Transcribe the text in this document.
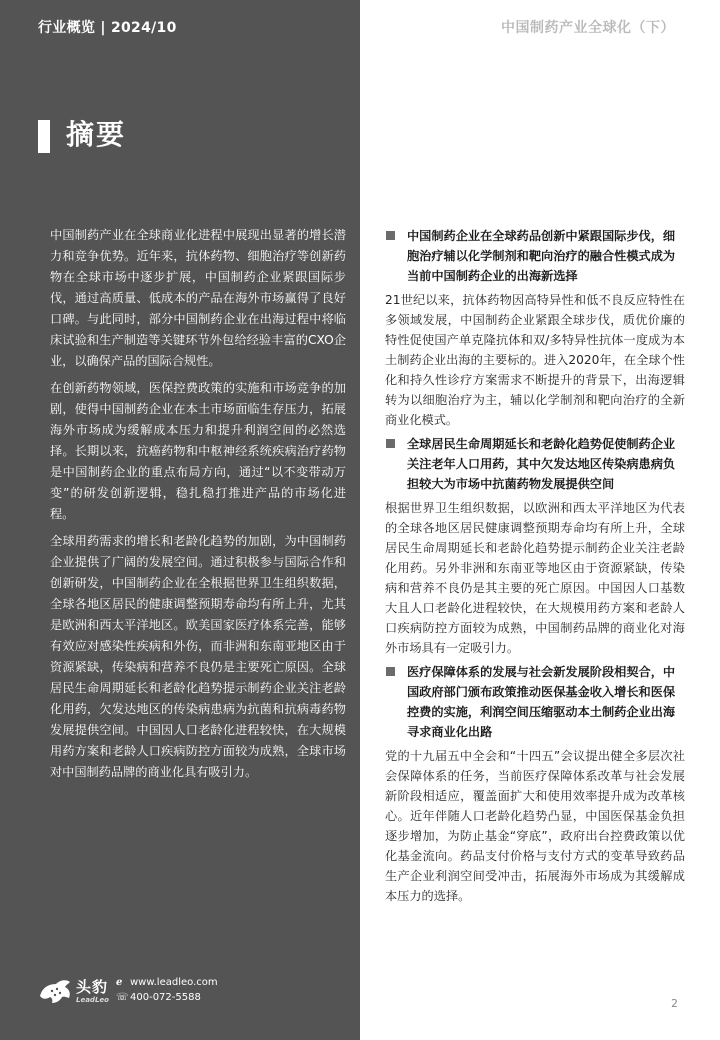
行业概览 | 2024/10	中国制药产业全球化（下）
摘要

中国制药产业在全球商业化进程中展现出显著的增长潜力和竞争优势。近年来，抗体药物、细胞治疗等创新药物在全球市场中逐步扩展，中国制药企业紧跟国际步伐，通过高质量、低成本的产品在海外市场赢得了良好口碑。与此同时，部分中国制药企业在出海过程中将临床试验和生产制造等关键环节外包给经验丰富的CXO企业，以确保产品的国际合规性。

在创新药物领域，医保控费政策的实施和市场竞争的加剧，使得中国制药企业在本土市场面临生存压力，拓展海外市场成为缓解成本压力和提升利润空间的必然选择。长期以来，抗癌药物和中枢神经系统疾病治疗药物是中国制药企业的重点布局方向，通过“以不变带动万变”的研发创新逻辑，稳扎稳打推进产品的市场化进程。

全球用药需求的增长和老龄化趋势的加剧，为中国制药企业提供了广阔的发展空间。通过积极参与国际合作和创新研发，中国制药企业在全根据世界卫生组织数据，全球各地区居民的健康调整预期寿命均有所上升，尤其是欧洲和西太平洋地区。欧美国家医疗体系完善，能够有效应对感染性疾病和外伤，而非洲和东南亚地区由于资源紧缺，传染病和营养不良仍是主要死亡原因。全球居民生命周期延长和老龄化趋势提示制药企业关注老龄化用药，欠发达地区的传染病患病为抗菌和抗病毒药物发展提供空间。中国因人口老龄化进程较快，在大规模用药方案和老龄人口疾病防控方面较为成熟，全球市场对中国制药品牌的商业化具有吸引力。

中国制药企业在全球药品创新中紧跟国际步伐，细胞治疗辅以化学制剂和靶向治疗的融合性模式成为当前中国制药企业的出海新选择
21世纪以来，抗体药物因高特异性和低不良反应特性在多领域发展，中国制药企业紧跟全球步伐，质优价廉的特性促使国产单克隆抗体和双/多特异性抗体一度成为本土制药企业出海的主要标的。进入2020年，在全球个性化和持久性诊疗方案需求不断提升的背景下，出海逻辑转为以细胞治疗为主，辅以化学制剂和靶向治疗的全新商业化模式。
全球居民生命周期延长和老龄化趋势促使制药企业关注老年人口用药，其中欠发达地区传染病患病负担较大为市场中抗菌药物发展提供空间
根据世界卫生组织数据，以欧洲和西太平洋地区为代表的全球各地区居民健康调整预期寿命均有所上升，全球居民生命周期延长和老龄化趋势提示制药企业关注老龄化用药。另外非洲和东南亚等地区由于资源紧缺，传染病和营养不良仍是其主要的死亡原因。中国因人口基数大且人口老龄化进程较快，在大规模用药方案和老龄人口疾病防控方面较为成熟，中国制药品牌的商业化对海外市场具有一定吸引力。
医疗保障体系的发展与社会新发展阶段相契合，中国政府部门颁布政策推动医保基金收入增长和医保控费的实施，利润空间压缩驱动本土制药企业出海寻求商业化出路
党的十九届五中全会和“十四五”会议提出健全多层次社会保障体系的任务，当前医疗保障体系改革与社会发展新阶段相适应，覆盖面扩大和使用效率提升成为改革核心。近年伴随人口老龄化趋势凸显，中国医保基金负担逐步增加，为防止基金“穿底”，政府出台控费政策以优化基金流向。药品支付价格与支付方式的变革导致药品生产企业利润空间受冲击，拓展海外市场成为其缓解成本压力的选择。
头豹
LeadLeo
ℯ www.leadleo.com
☏ 400-072-5588	2
